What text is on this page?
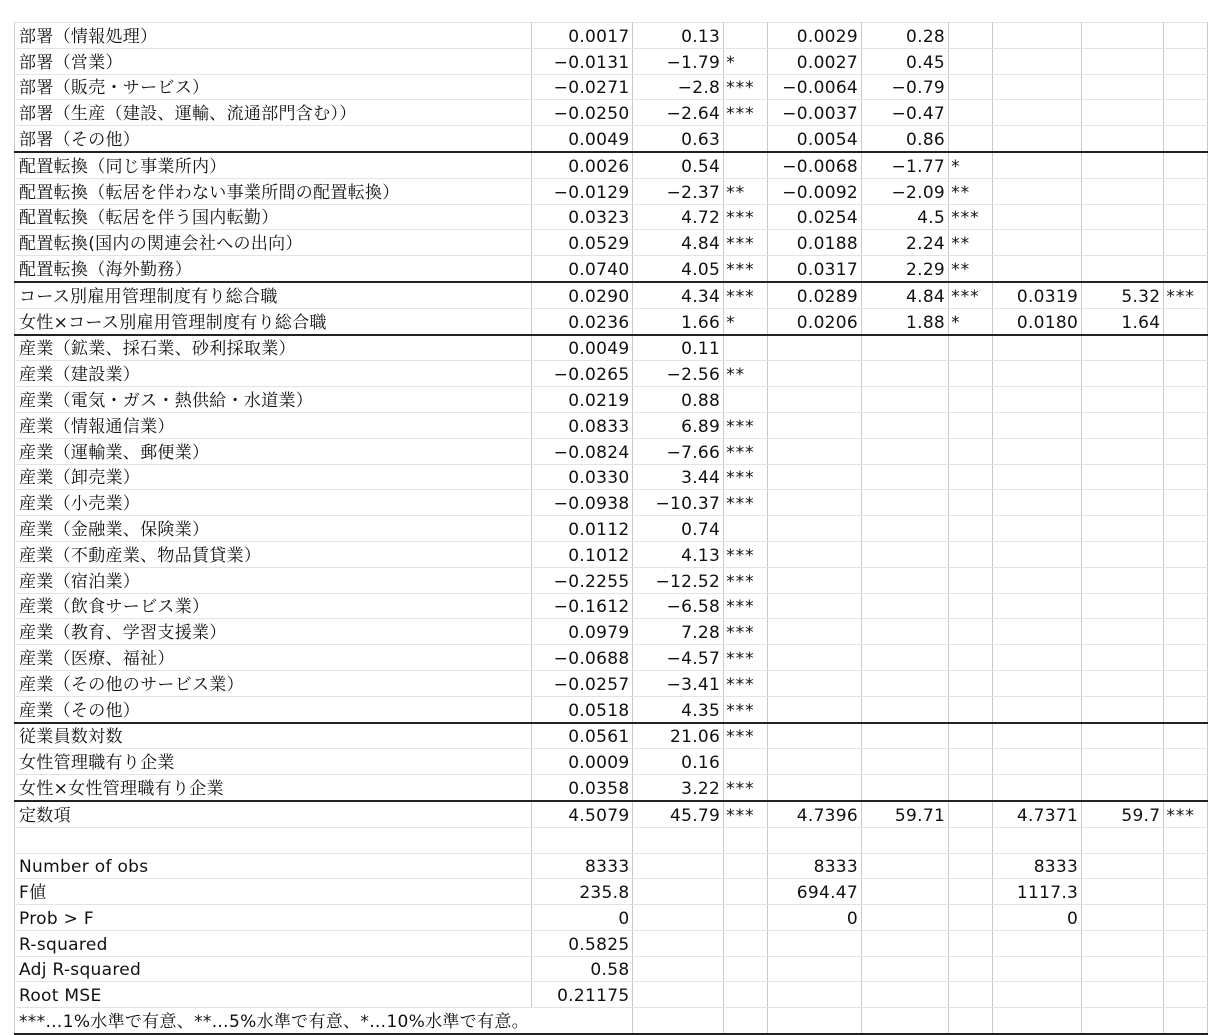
部署（情報処理）	0.0017	0.13		0.0029	0.28				
部署（営業）	−0.0131	−1.79	*	0.0027	0.45				
部署（販売・サービス）	−0.0271	−2.8	***	−0.0064	−0.79				
部署（生産（建設、運輸、流通部門含む））	−0.0250	−2.64	***	−0.0037	−0.47				
部署（その他）	0.0049	0.63		0.0054	0.86				
配置転換（同じ事業所内）	0.0026	0.54		−0.0068	−1.77	*			
配置転換（転居を伴わない事業所間の配置転換）	−0.0129	−2.37	**	−0.0092	−2.09	**			
配置転換（転居を伴う国内転勤）	0.0323	4.72	***	0.0254	4.5	***			
配置転換(国内の関連会社への出向）	0.0529	4.84	***	0.0188	2.24	**			
配置転換（海外勤務）	0.0740	4.05	***	0.0317	2.29	**			
コース別雇用管理制度有り総合職	0.0290	4.34	***	0.0289	4.84	***	0.0319	5.32	***
女性×コース別雇用管理制度有り総合職	0.0236	1.66	*	0.0206	1.88	*	0.0180	1.64	
産業（鉱業、採石業、砂利採取業）	0.0049	0.11							
産業（建設業）	−0.0265	−2.56	**						
産業（電気・ガス・熱供給・水道業）	0.0219	0.88							
産業（情報通信業）	0.0833	6.89	***						
産業（運輸業、郵便業）	−0.0824	−7.66	***						
産業（卸売業）	0.0330	3.44	***						
産業（小売業）	−0.0938	−10.37	***						
産業（金融業、保険業）	0.0112	0.74							
産業（不動産業、物品賃貸業）	0.1012	4.13	***						
産業（宿泊業）	−0.2255	−12.52	***						
産業（飲食サービス業）	−0.1612	−6.58	***						
産業（教育、学習支援業）	0.0979	7.28	***						
産業（医療、福祉）	−0.0688	−4.57	***						
産業（その他のサービス業）	−0.0257	−3.41	***						
産業（その他）	0.0518	4.35	***						
従業員数対数	0.0561	21.06	***						
女性管理職有り企業	0.0009	0.16							
女性×女性管理職有り企業	0.0358	3.22	***						
定数項	4.5079	45.79	***	4.7396	59.71		4.7371	59.7	***

Number of obs	8333			8333			8333		
F値	235.8			694.47			1117.3		
Prob > F	0			0			0		
R-squared	0.5825								
Adj R-squared	0.58								
Root MSE	0.21175								
***…1%水準で有意、**…5%水準で有意、*…10%水準で有意。									
